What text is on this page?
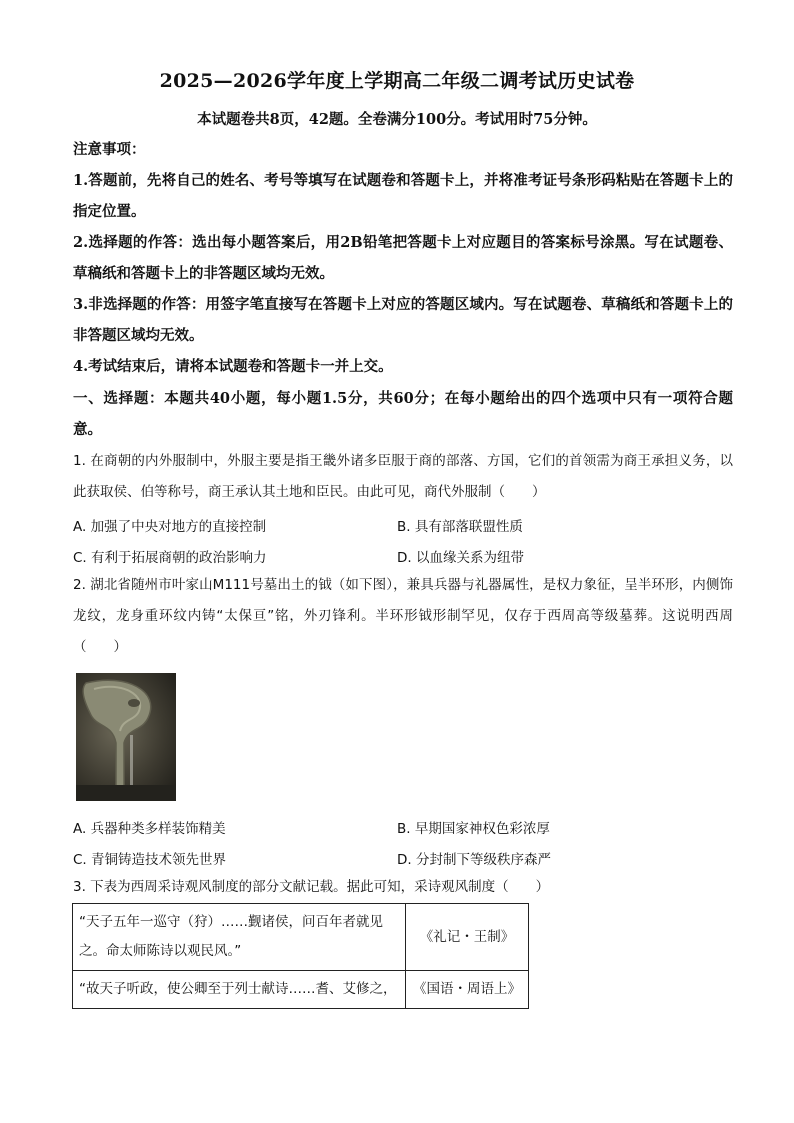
2025—2026学年度上学期高二年级二调考试历史试卷
本试题卷共8页，42题。全卷满分100分。考试用时75分钟。
注意事项：
1.答题前，先将自己的姓名、考号等填写在试题卷和答题卡上，并将准考证号条形码粘贴在答题卡上的指定位置。
2.选择题的作答：选出每小题答案后，用2B铅笔把答题卡上对应题目的答案标号涂黑。写在试题卷、草稿纸和答题卡上的非答题区域均无效。
3.非选择题的作答：用签字笔直接写在答题卡上对应的答题区域内。写在试题卷、草稿纸和答题卡上的非答题区域均无效。
4.考试结束后，请将本试题卷和答题卡一并上交。
一、选择题：本题共40小题，每小题1.5分，共60分；在每小题给出的四个选项中只有一项符合题意。
1. 在商朝的内外服制中，外服主要是指王畿外诸多臣服于商的部落、方国，它们的首领需为商王承担义务，以此获取侯、伯等称号，商王承认其土地和臣民。由此可见，商代外服制（　　）
A. 加强了中央对地方的直接控制	B. 具有部落联盟性质
C. 有利于拓展商朝的政治影响力	D. 以血缘关系为纽带
2. 湖北省随州市叶家山M111号墓出土的钺（如下图），兼具兵器与礼器属性，是权力象征，呈半环形，内侧饰龙纹，龙身重环纹内铸“太保亘”铭，外刃锋利。半环形钺形制罕见，仅存于西周高等级墓葬。这说明西周（　　）
A. 兵器种类多样装饰精美	B. 早期国家神权色彩浓厚
C. 青铜铸造技术领先世界	D. 分封制下等级秩序森严
3. 下表为西周采诗观风制度的部分文献记载。据此可知，采诗观风制度（　　）
“天子五年一巡守（狩）……觐诸侯，问百年者就见之。命太师陈诗以观民风。”	《礼记・王制》
“故天子听政，使公卿至于列士献诗……耆、艾修之，	《国语・周语上》
